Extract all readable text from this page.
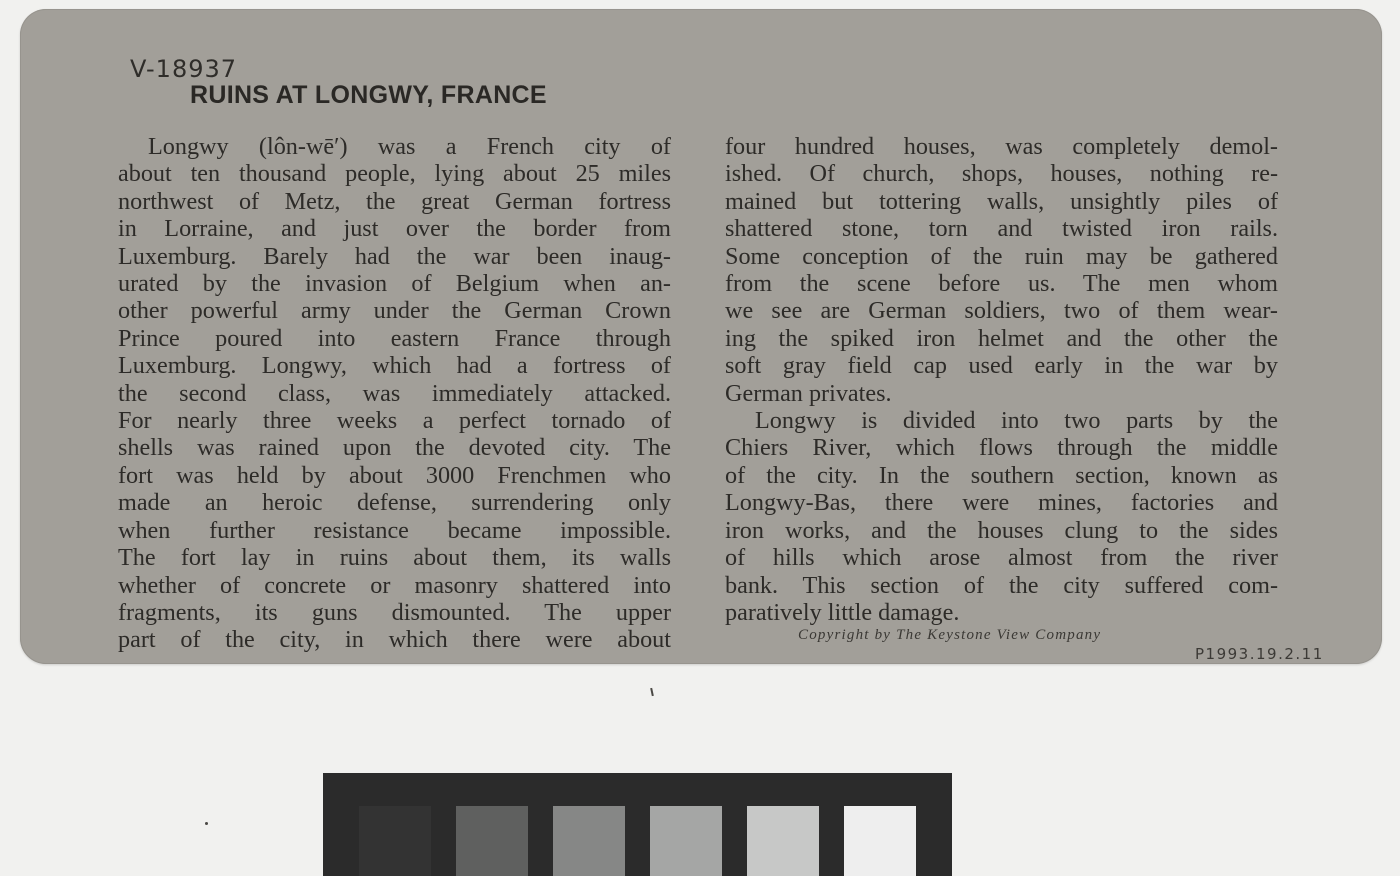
V-18937
RUINS AT LONGWY, FRANCE
Longwy (lôn-wē′) was a French city of
about ten thousand people, lying about 25 miles
northwest of Metz, the great German fortress
in Lorraine, and just over the border from
Luxemburg. Barely had the war been inaug-
urated by the invasion of Belgium when an-
other powerful army under the German Crown
Prince poured into eastern France through
Luxemburg. Longwy, which had a fortress of
the second class, was immediately attacked.
For nearly three weeks a perfect tornado of
shells was rained upon the devoted city. The
fort was held by about 3000 Frenchmen who
made an heroic defense, surrendering only
when further resistance became impossible.
The fort lay in ruins about them, its walls
whether of concrete or masonry shattered into
fragments, its guns dismounted. The upper
part of the city, in which there were about
four hundred houses, was completely demol-
ished. Of church, shops, houses, nothing re-
mained but tottering walls, unsightly piles of
shattered stone, torn and twisted iron rails.
Some conception of the ruin may be gathered
from the scene before us. The men whom
we see are German soldiers, two of them wear-
ing the spiked iron helmet and the other the
soft gray field cap used early in the war by
German privates.
Longwy is divided into two parts by the
Chiers River, which flows through the middle
of the city. In the southern section, known as
Longwy-Bas, there were mines, factories and
iron works, and the houses clung to the sides
of hills which arose almost from the river
bank. This section of the city suffered com-
paratively little damage.
Copyright by The Keystone View Company
P1993.19.2.11
